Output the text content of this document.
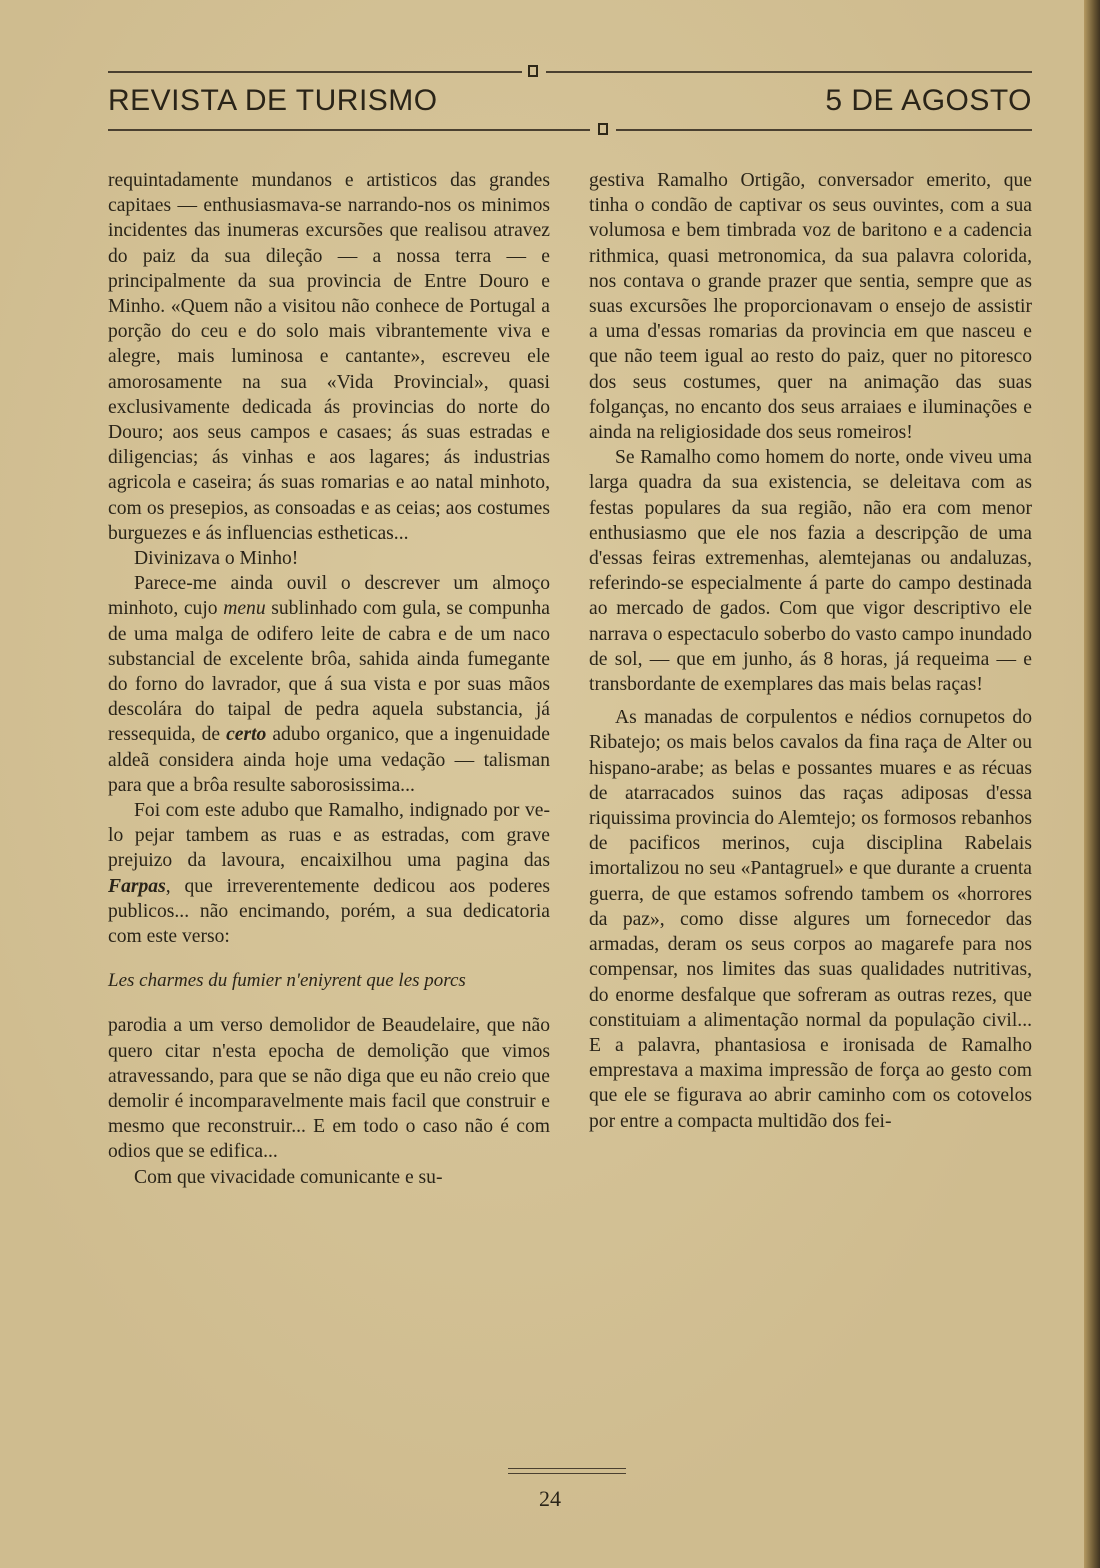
REVISTA DE TURISMO	5 DE AGOSTO

requintadamente mundanos e artisticos das grandes capitaes — enthusiasmava-se narrando-nos os minimos incidentes das inumeras excursões que realisou atravez do paiz da sua dileção — a nossa terra — e principalmente da sua provincia de Entre Douro e Minho. «Quem não a visitou não conhece de Portugal a porção do ceu e do solo mais vibrantemente viva e alegre, mais luminosa e cantante», escreveu ele amorosamente na sua «Vida Provincial», quasi exclusivamente dedicada ás provincias do norte do Douro; aos seus campos e casaes; ás suas estradas e diligencias; ás vinhas e aos lagares; ás industrias agricola e caseira; ás suas romarias e ao natal minhoto, com os presepios, as consoadas e as ceias; aos costumes burguezes e ás influencias estheticas...

Divinizava o Minho!

Parece-me ainda ouvil o descrever um almoço minhoto, cujo menu sublinhado com gula, se compunha de uma malga de odifero leite de cabra e de um naco substancial de excelente brôa, sahida ainda fumegante do forno do lavrador, que á sua vista e por suas mãos descolára do taipal de pedra aquela substancia, já ressequida, de certo adubo organico, que a ingenuidade aldeã considera ainda hoje uma vedação — talisman para que a brôa resulte saborosissima...

Foi com este adubo que Ramalho, indignado por ve-lo pejar tambem as ruas e as estradas, com grave prejuizo da lavoura, encaixilhou uma pagina das Farpas, que irreverentemente dedicou aos poderes publicos... não encimando, porém, a sua dedicatoria com este verso:

Les charmes du fumier n'eniyrent que les porcs

parodia a um verso demolidor de Beaudelaire, que não quero citar n'esta epocha de demolição que vimos atravessando, para que se não diga que eu não creio que demolir é incomparavelmente mais facil que construir e mesmo que reconstruir... E em todo o caso não é com odios que se edifica...

Com que vivacidade comunicante e su-

gestiva Ramalho Ortigão, conversador emerito, que tinha o condão de captivar os seus ouvintes, com a sua volumosa e bem timbrada voz de baritono e a cadencia rithmica, quasi metronomica, da sua palavra colorida, nos contava o grande prazer que sentia, sempre que as suas excursões lhe proporcionavam o ensejo de assistir a uma d'essas romarias da provincia em que nasceu e que não teem igual ao resto do paiz, quer no pitoresco dos seus costumes, quer na animação das suas folganças, no encanto dos seus arraiaes e iluminações e ainda na religiosidade dos seus romeiros!

Se Ramalho como homem do norte, onde viveu uma larga quadra da sua existencia, se deleitava com as festas populares da sua região, não era com menor enthusiasmo que ele nos fazia a descripção de uma d'essas feiras extremenhas, alemtejanas ou andaluzas, referindo-se especialmente á parte do campo destinada ao mercado de gados. Com que vigor descriptivo ele narrava o espectaculo soberbo do vasto campo inundado de sol, — que em junho, ás 8 horas, já requeima — e transbordante de exemplares das mais belas raças!

As manadas de corpulentos e nédios cornupetos do Ribatejo; os mais belos cavalos da fina raça de Alter ou hispano-arabe; as belas e possantes muares e as récuas de atarracados suinos das raças adiposas d'essa riquissima provincia do Alemtejo; os formosos rebanhos de pacificos merinos, cuja disciplina Rabelais imortalizou no seu «Pantagruel» e que durante a cruenta guerra, de que estamos sofrendo tambem os «horrores da paz», como disse algures um fornecedor das armadas, deram os seus corpos ao magarefe para nos compensar, nos limites das suas qualidades nutritivas, do enorme desfalque que sofreram as outras rezes, que constituiam a alimentação normal da população civil... E a palavra, phantasiosa e ironisada de Ramalho emprestava a maxima impressão de força ao gesto com que ele se figurava ao abrir caminho com os cotovelos por entre a compacta multidão dos fei-

24
